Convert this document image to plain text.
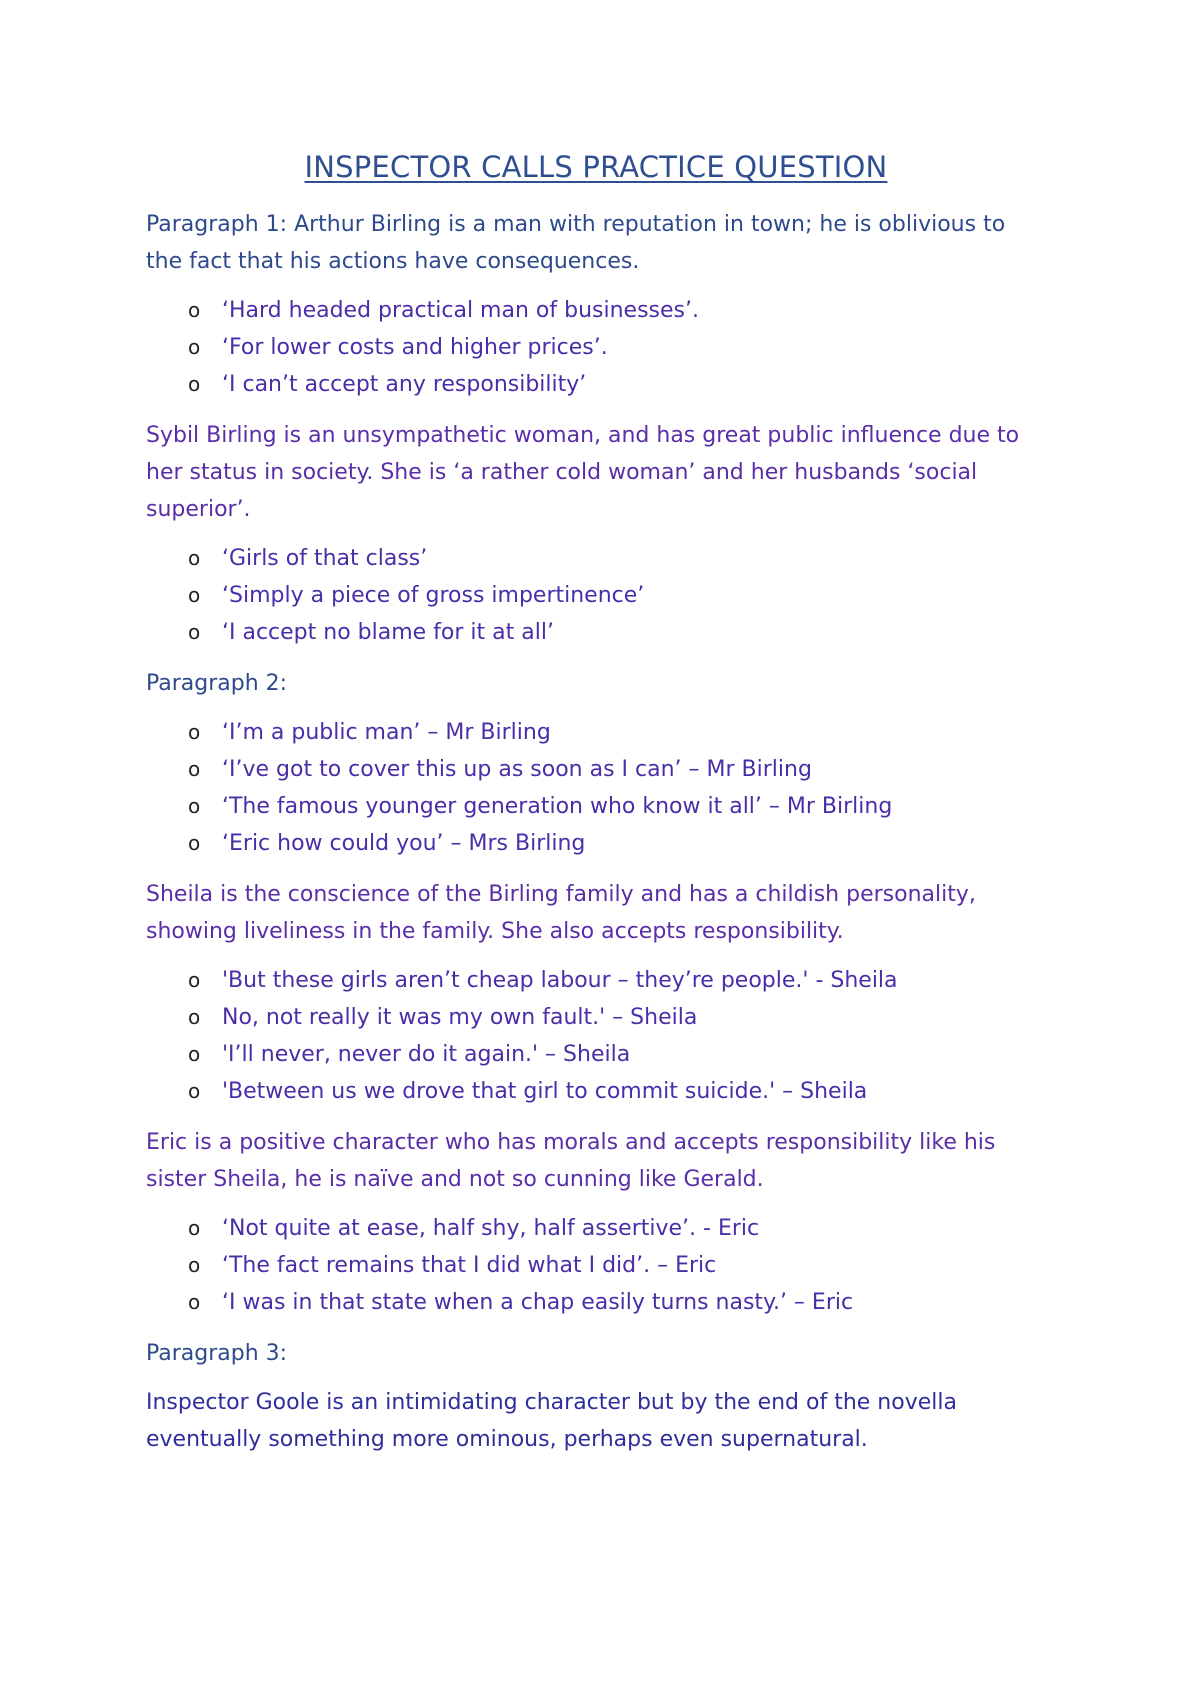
INSPECTOR CALLS PRACTICE QUESTION

Paragraph 1: Arthur Birling is a man with reputation in town; he is oblivious to the fact that his actions have consequences.

o ‘Hard headed practical man of businesses’.
o ‘For lower costs and higher prices’.
o ‘I can’t accept any responsibility’

Sybil Birling is an unsympathetic woman, and has great public influence due to her status in society. She is ‘a rather cold woman’ and her husbands ‘social superior’.

o ‘Girls of that class’
o ‘Simply a piece of gross impertinence’
o ‘I accept no blame for it at all’

Paragraph 2:

o ‘I’m a public man’ – Mr Birling
o ‘I’ve got to cover this up as soon as I can’ – Mr Birling
o ‘The famous younger generation who know it all’ – Mr Birling
o ‘Eric how could you’ – Mrs Birling

Sheila is the conscience of the Birling family and has a childish personality, showing liveliness in the family. She also accepts responsibility.

o 'But these girls aren’t cheap labour – they’re people.' - Sheila
o No, not really it was my own fault.' – Sheila
o 'I’ll never, never do it again.' – Sheila
o 'Between us we drove that girl to commit suicide.' – Sheila

Eric is a positive character who has morals and accepts responsibility like his sister Sheila, he is naïve and not so cunning like Gerald.

o ‘Not quite at ease, half shy, half assertive’. - Eric
o ‘The fact remains that I did what I did’. – Eric
o ‘I was in that state when a chap easily turns nasty.’ – Eric

Paragraph 3:

Inspector Goole is an intimidating character but by the end of the novella eventually something more ominous, perhaps even supernatural.
